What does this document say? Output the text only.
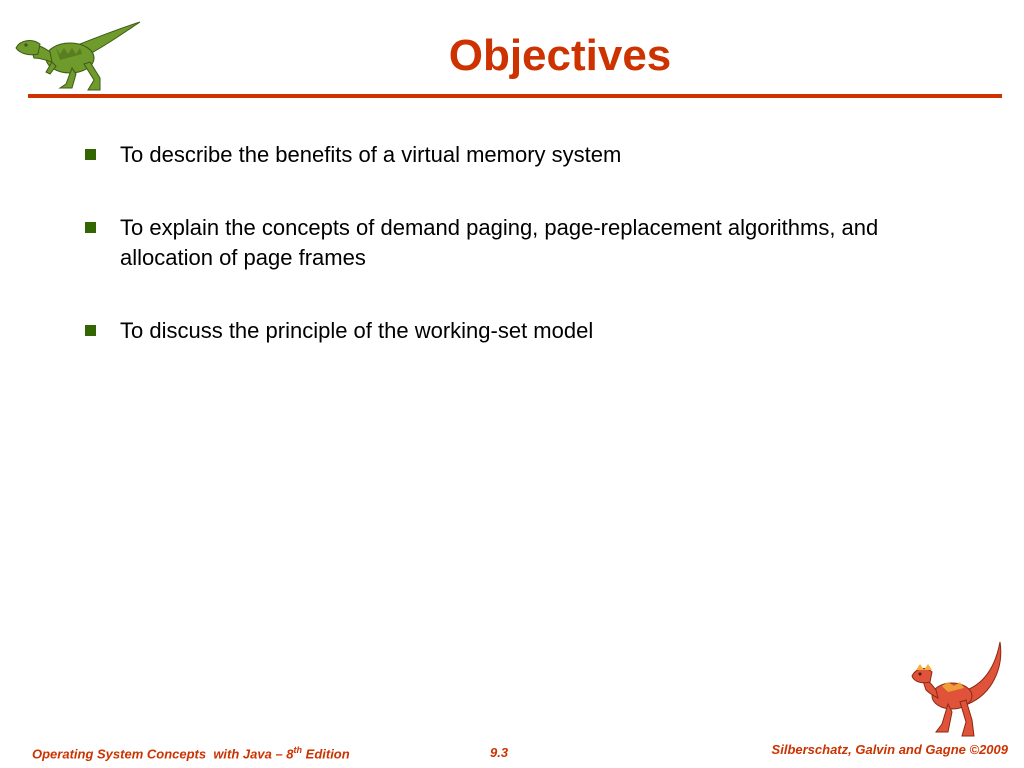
Objectives
To describe the benefits of a virtual memory system
To explain the concepts of demand paging, page-replacement algorithms, and allocation of page frames
To discuss the principle of the working-set model
Operating System Concepts  with Java – 8th Edition	9.3	Silberschatz, Galvin and Gagne ©2009
